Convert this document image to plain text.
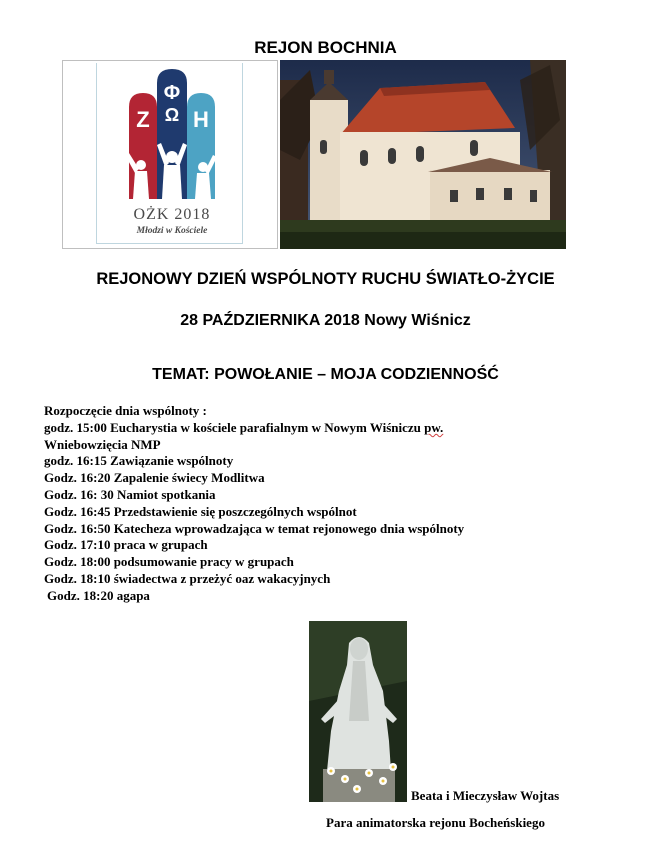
REJON BOCHNIA
Z
Φ
Ω H
OŻK 2018
Młodzi w Kościele
REJONOWY DZIEŃ WSPÓLNOTY RUCHU ŚWIATŁO-ŻYCIE
28 PAŹDZIERNIKA 2018 Nowy Wiśnicz
TEMAT: POWOŁANIE – MOJA CODZIENNOŚĆ
Rozpoczęcie dnia wspólnoty :
godz. 15:00 Eucharystia w kościele parafialnym w Nowym Wiśniczu pw.
Wniebowzięcia NMP
godz. 16:15 Zawiązanie wspólnoty
Godz. 16:20 Zapalenie świecy Modlitwa
Godz. 16: 30 Namiot spotkania
Godz. 16:45 Przedstawienie się poszczególnych wspólnot
Godz. 16:50 Katecheza wprowadzająca w temat rejonowego dnia wspólnoty
Godz. 17:10 praca w grupach
Godz. 18:00 podsumowanie pracy w grupach
Godz. 18:10 świadectwa z przeżyć oaz wakacyjnych
Godz. 18:20 agapa
Beata i Mieczysław Wojtas
Para animatorska rejonu Bocheńskiego
